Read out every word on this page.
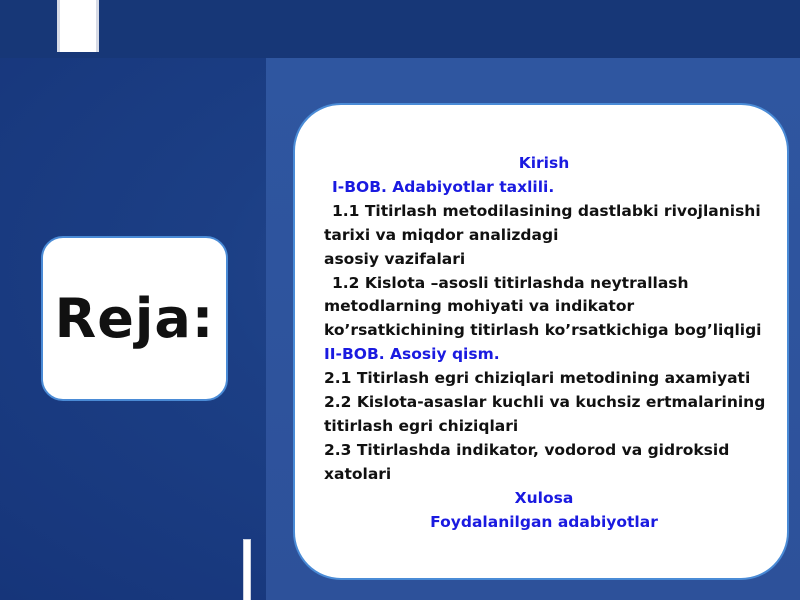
Reja:
Kirish
I-BOB. Adabiyotlar taxlili.
1.1 Titirlash metodilasining dastlabki rivojlanishi
tarixi va miqdor analizdagi
asosiy vazifalari
1.2 Kislota –asosli titirlashda neytrallash
metodlarning mohiyati va indikator
ko’rsatkichining titirlash ko’rsatkichiga bog’liqligi
II-BOB. Asosiy qism.
2.1 Titirlash egri chiziqlari metodining axamiyati
2.2 Kislota-asaslar kuchli va kuchsiz ertmalarining
titirlash egri chiziqlari
2.3 Titirlashda indikator, vodorod va gidroksid
xatolari
Xulosa
Foydalanilgan adabiyotlar
